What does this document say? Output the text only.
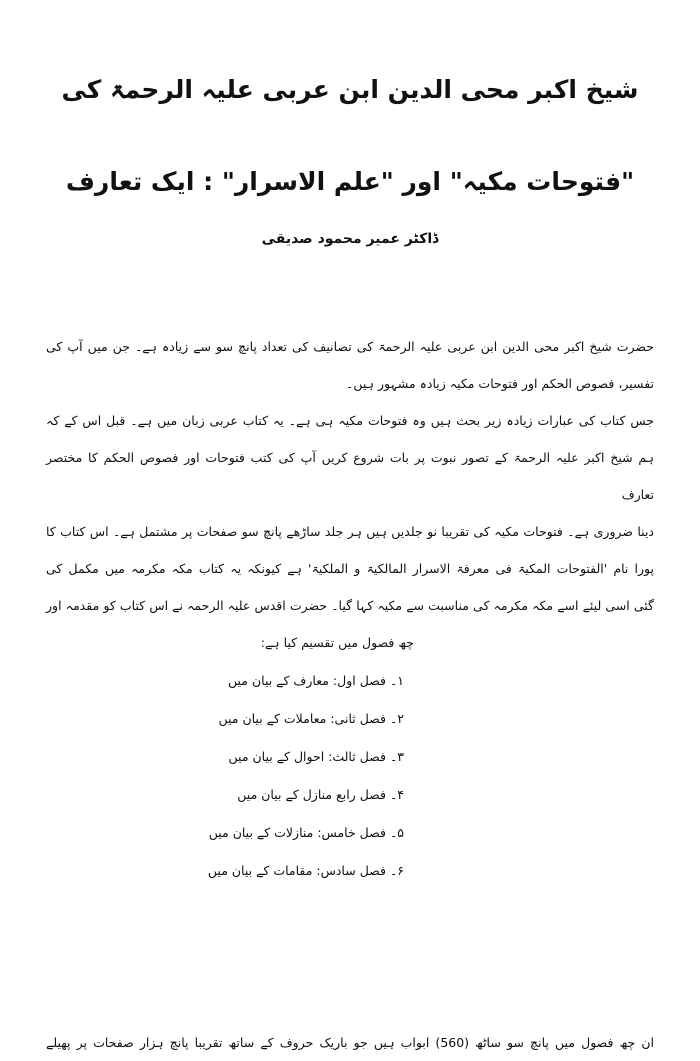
شیخ اکبر محی الدین ابن عربی علیہ الرحمۃ کی
"فتوحات مکیہ" اور "علم الاسرار" : ایک تعارف
ڈاکٹر عمیر محمود صدیقی
حضرت شیخ اکبر محی الدین ابن عربی علیہ الرحمۃ کی تصانیف کی تعداد پانچ سو سے زیادہ ہے۔ جن میں آپ کی
تفسیر، فصوص الحکم اور فتوحات مکیہ زیادہ مشہور ہیں۔
جس کتاب کی عبارات زیادہ زیر بحث ہیں وہ فتوحات مکیہ ہی ہے۔ یہ کتاب عربی زبان میں ہے۔ قبل اس کے کہ
ہم شیخ اکبر علیہ الرحمۃ کے تصور نبوت پر بات شروع کریں آپ کی کتب فتوحات اور فصوص الحکم کا مختصر تعارف
دینا ضروری ہے۔ فتوحات مکیہ کی تقریبا نو جلدیں ہیں ہر جلد ساڑھے پانچ سو صفحات پر مشتمل ہے۔ اس کتاب کا
پورا نام 'الفتوحات المکیۃ فی معرفۃ الاسرار المالکیۃ و الملکیۃ' ہے کیونکہ یہ کتاب مکہ مکرمہ میں مکمل کی
گئی اسی لیئے اسے مکہ مکرمہ کی مناسبت سے مکیہ کہا گیا۔ حضرت اقدس علیہ الرحمہ نے اس کتاب کو مقدمہ اور
چھ فصول میں تقسیم کیا ہے:
۱۔ فصل اول: معارف کے بیان میں
۲۔ فصل ثانی: معاملات کے بیان میں
۳۔ فصل ثالث: احوال کے بیان میں
۴۔ فصل رابع منازل کے بیان میں
۵۔ فصل خامس: منازلات کے بیان میں
۶۔ فصل سادس: مقامات کے بیان میں
ان چھ فصول میں پانچ سو ساٹھ (560) ابواب ہیں جو باریک حروف کے ساتھ تقریبا پانچ ہزار صفحات پر پھیلے
